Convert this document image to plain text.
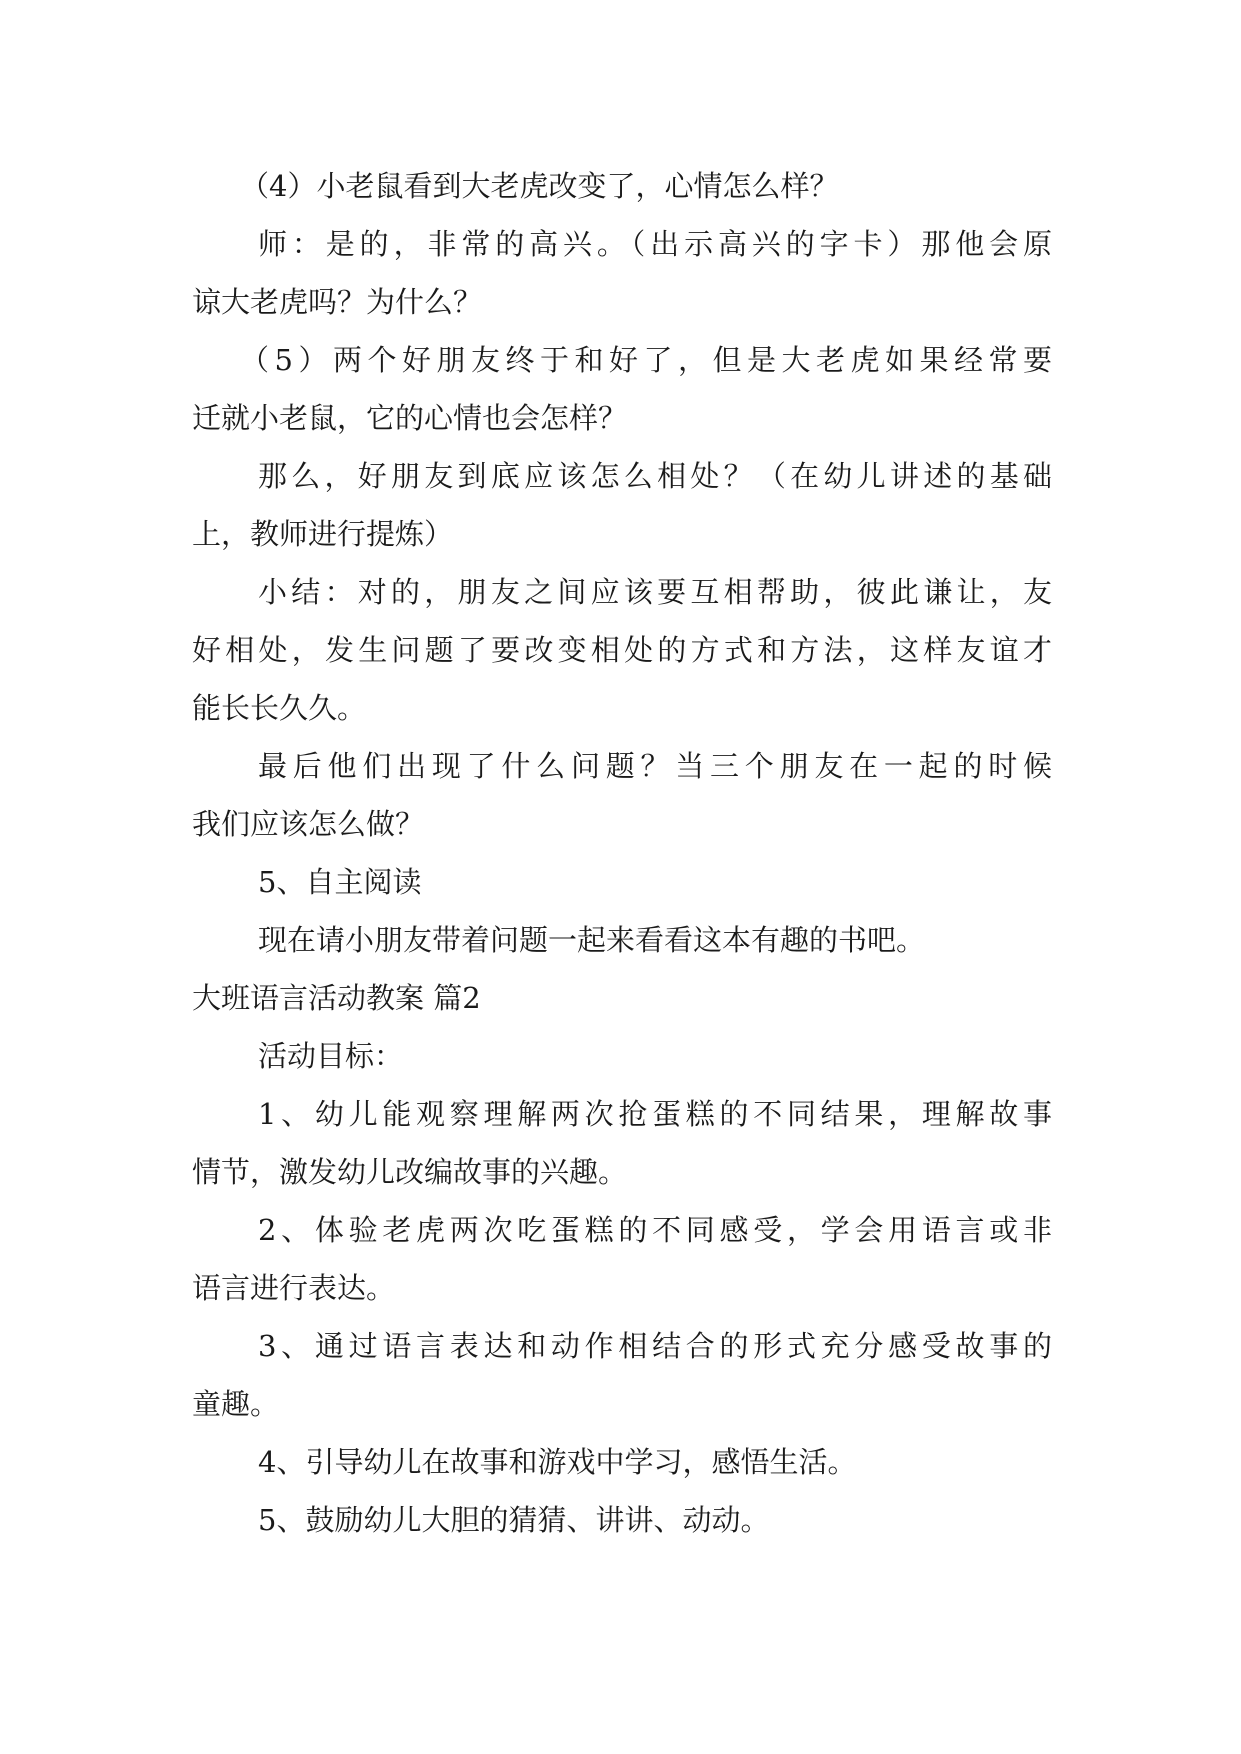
（4）小老鼠看到大老虎改变了，心情怎么样？
师：是的，非常的高兴。（出示高兴的字卡）那他会原
谅大老虎吗？为什么？
（5）两个好朋友终于和好了，但是大老虎如果经常要
迁就小老鼠，它的心情也会怎样？
那么，好朋友到底应该怎么相处？（在幼儿讲述的基础
上，教师进行提炼）
小结：对的，朋友之间应该要互相帮助，彼此谦让，友
好相处，发生问题了要改变相处的方式和方法，这样友谊才
能长长久久。
最后他们出现了什么问题？当三个朋友在一起的时候
我们应该怎么做？
5、自主阅读
现在请小朋友带着问题一起来看看这本有趣的书吧。
大班语言活动教案 篇2
活动目标：
1、幼儿能观察理解两次抢蛋糕的不同结果，理解故事
情节，激发幼儿改编故事的兴趣。
2、体验老虎两次吃蛋糕的不同感受，学会用语言或非
语言进行表达。
3、通过语言表达和动作相结合的形式充分感受故事的
童趣。
4、引导幼儿在故事和游戏中学习，感悟生活。
5、鼓励幼儿大胆的猜猜、讲讲、动动。
